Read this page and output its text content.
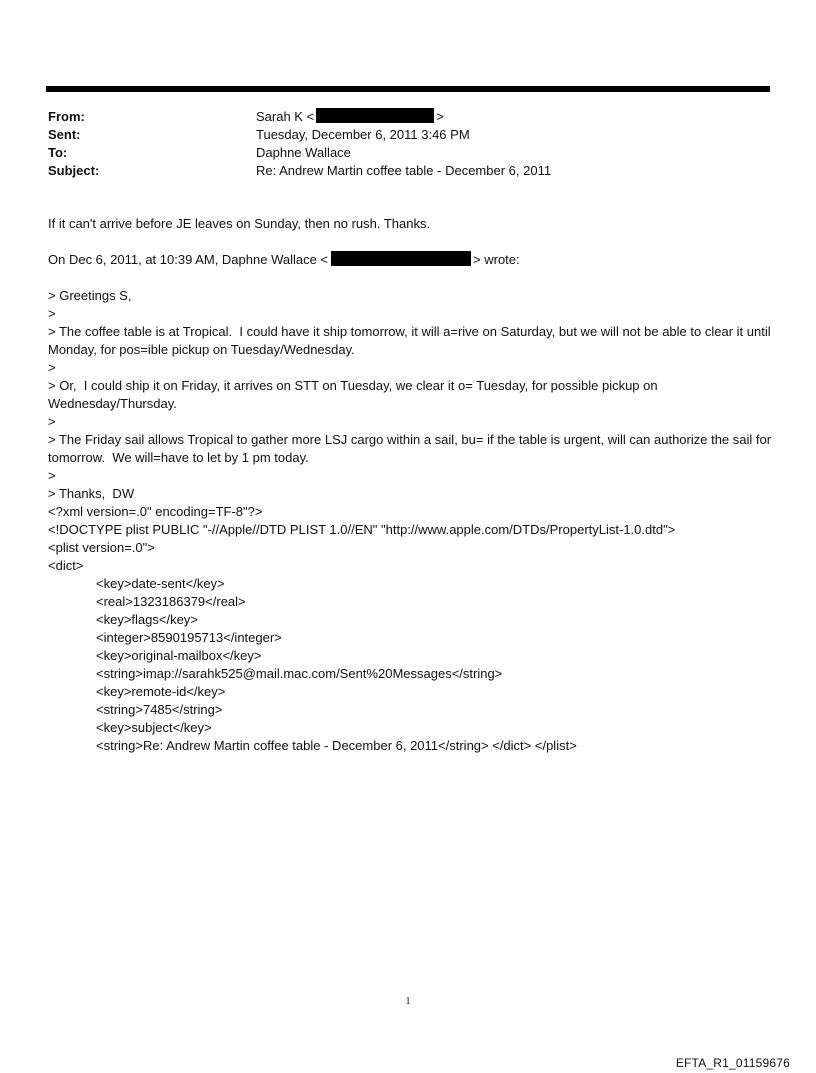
From:	Sarah K <	>
Sent:	Tuesday, December 6, 2011 3:46 PM
To:	Daphne Wallace
Subject:	Re: Andrew Martin coffee table - December 6, 2011

If it can't arrive before JE leaves on Sunday, then no rush. Thanks.

On Dec 6, 2011, at 10:39 AM, Daphne Wallace <	> wrote:

> Greetings S,

>

> The coffee table is at Tropical.  I could have it ship tomorrow, it will a=rive on Saturday, but we will not be able to clear it until Monday, for pos=ible pickup on Tuesday/Wednesday.

>

> Or,  I could ship it on Friday, it arrives on STT on Tuesday, we clear it o= Tuesday, for possible pickup on Wednesday/Thursday.

>

> The Friday sail allows Tropical to gather more LSJ cargo within a sail, bu= if the table is urgent, will can authorize the sail for tomorrow.  We will=have to let by 1 pm today.

>

> Thanks,  DW

<?xml version=.0" encoding=TF-8"?>

<!DOCTYPE plist PUBLIC "-//Apple//DTD PLIST 1.0//EN" "http://www.apple.com/DTDs/PropertyList-1.0.dtd">

<plist version=.0">

<dict>

<key>date-sent</key>

<real>1323186379</real>

<key>flags</key>

<integer>8590195713</integer>

<key>original-mailbox</key>

<string>imap://sarahk525@mail.mac.com/Sent%20Messages</string>

<key>remote-id</key>

<string>7485</string>

<key>subject</key>

<string>Re: Andrew Martin coffee table - December 6, 2011</string> </dict> </plist>

1
EFTA_R1_01159676
